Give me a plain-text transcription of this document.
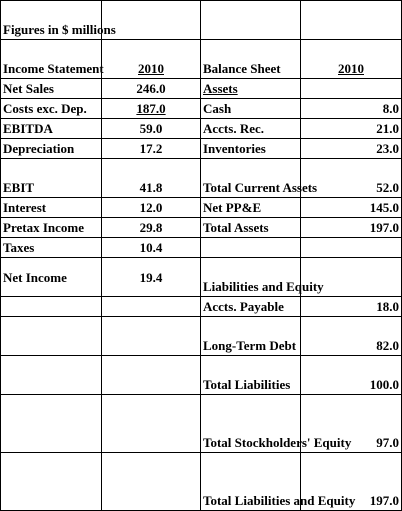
Figures in $ millions			
Income Statement	2010	Balance Sheet	2010
Net Sales	246.0	Assets	
Costs exc. Dep.	187.0	Cash	8.0
EBITDA	59.0	Accts. Rec.	21.0
Depreciation	17.2	Inventories	23.0
EBIT	41.8	Total Current Assets	52.0
Interest	12.0	Net PP&E	145.0
Pretax Income	29.8	Total Assets	197.0
Taxes	10.4		
Net Income	19.4	Liabilities and Equity	
		Accts. Payable	18.0
		Long-Term Debt	82.0
		Total Liabilities	100.0
		Total Stockholders' Equity	97.0
		Total Liabilities and Equity	197.0
